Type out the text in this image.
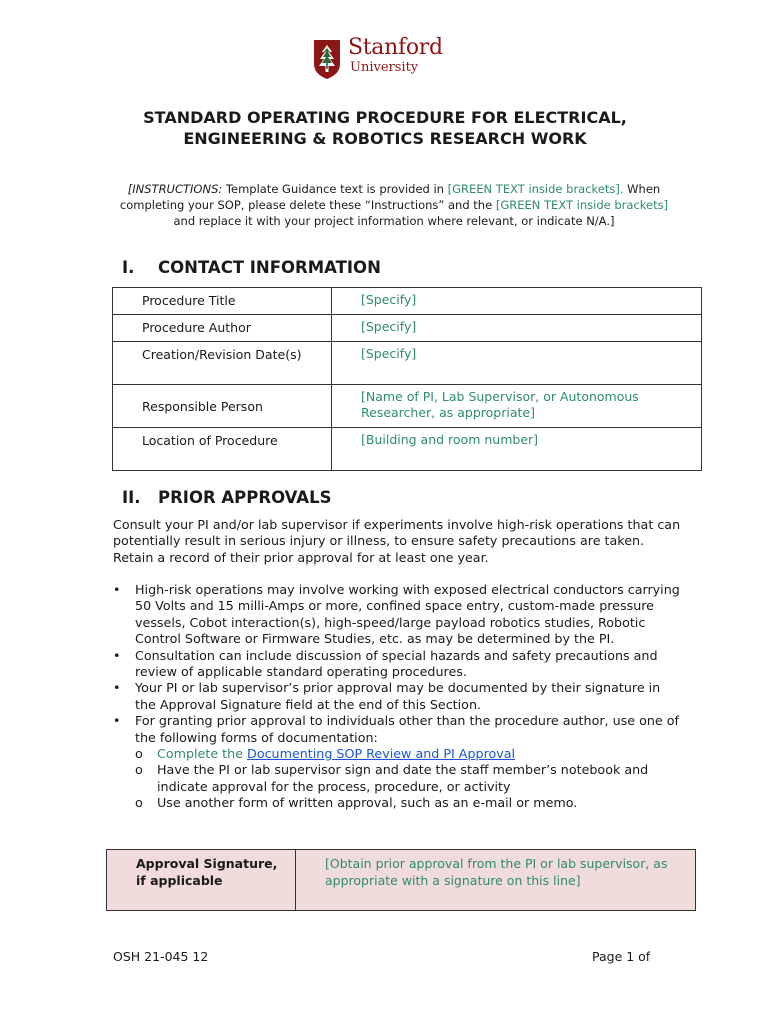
Stanford
University
STANDARD OPERATING PROCEDURE FOR ELECTRICAL, ENGINEERING & ROBOTICS RESEARCH WORK
[INSTRUCTIONS: Template Guidance text is provided in [GREEN TEXT inside brackets]. When completing your SOP, please delete these “Instructions” and the [GREEN TEXT inside brackets] and replace it with your project information where relevant, or indicate N/A.]
I. CONTACT INFORMATION
Procedure Title	[Specify]
Procedure Author	[Specify]
Creation/Revision Date(s)	[Specify]
Responsible Person	[Name of PI, Lab Supervisor, or Autonomous Researcher, as appropriate]
Location of Procedure	[Building and room number]
II. PRIOR APPROVALS
Consult your PI and/or lab supervisor if experiments involve high-risk operations that can potentially result in serious injury or illness, to ensure safety precautions are taken. Retain a record of their prior approval for at least one year.
• High-risk operations may involve working with exposed electrical conductors carrying 50 Volts and 15 milli-Amps or more, confined space entry, custom-made pressure vessels, Cobot interaction(s), high-speed/large payload robotics studies, Robotic Control Software or Firmware Studies, etc. as may be determined by the PI.
• Consultation can include discussion of special hazards and safety precautions and review of applicable standard operating procedures.
• Your PI or lab supervisor’s prior approval may be documented by their signature in the Approval Signature field at the end of this Section.
• For granting prior approval to individuals other than the procedure author, use one of the following forms of documentation:
o Complete the Documenting SOP Review and PI Approval
o Have the PI or lab supervisor sign and date the staff member’s notebook and indicate approval for the process, procedure, or activity
o Use another form of written approval, such as an e-mail or memo.
Approval Signature, if applicable	[Obtain prior approval from the PI or lab supervisor, as appropriate with a signature on this line]
OSH 21-045 12	Page 1 of
